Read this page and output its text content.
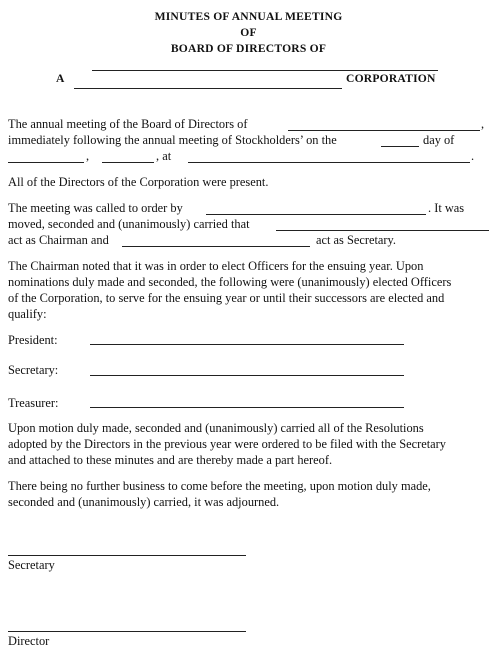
MINUTES OF ANNUAL MEETING
OF
BOARD OF DIRECTORS OF
A	CORPORATION
The annual meeting of the Board of Directors of	,
immediately following the annual meeting of Stockholders’ on the	day of
,	, at	.
All of the Directors of the Corporation were present.
The meeting was called to order by	. It was
moved, seconded and (unanimously) carried that
act as Chairman and	act as Secretary.
The Chairman noted that it was in order to elect Officers for the ensuing year. Upon
nominations duly made and seconded, the following were (unanimously) elected Officers
of the Corporation, to serve for the ensuing year or until their successors are elected and
qualify:
President:
Secretary:
Treasurer:
Upon motion duly made, seconded and (unanimously) carried all of the Resolutions
adopted by the Directors in the previous year were ordered to be filed with the Secretary
and attached to these minutes and are thereby made a part hereof.
There being no further business to come before the meeting, upon motion duly made,
seconded and (unanimously) carried, it was adjourned.
Secretary
Director
